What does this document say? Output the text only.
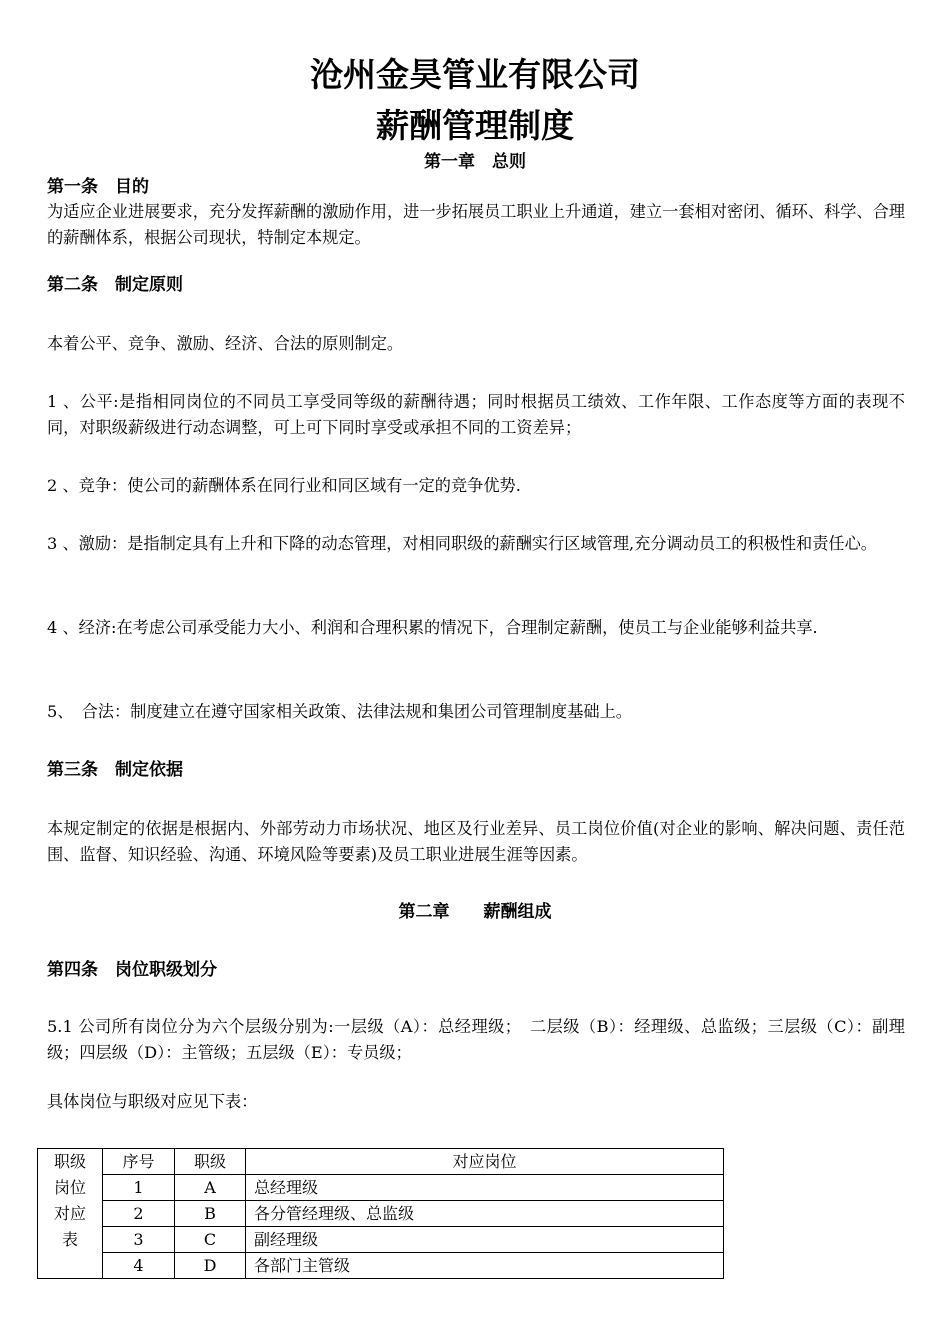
沧州金昊管业有限公司
薪酬管理制度
第一章　总则
第一条　目的
为适应企业进展要求，充分发挥薪酬的激励作用，进一步拓展员工职业上升通道，建立一套相对密闭、循环、科学、合理的薪酬体系，根据公司现状，特制定本规定。
第二条　制定原则
本着公平、竞争、激励、经济、合法的原则制定。
1 、公平:是指相同岗位的不同员工享受同等级的薪酬待遇；同时根据员工绩效、工作年限、工作态度等方面的表现不同，对职级薪级进行动态调整，可上可下同时享受或承担不同的工资差异；
2 、竞争：使公司的薪酬体系在同行业和同区域有一定的竞争优势.
3 、激励：是指制定具有上升和下降的动态管理，对相同职级的薪酬实行区域管理,充分调动员工的积极性和责任心。
4 、经济:在考虑公司承受能力大小、利润和合理积累的情况下，合理制定薪酬，使员工与企业能够利益共享.
5、　合法：制度建立在遵守国家相关政策、法律法规和集团公司管理制度基础上。
第三条　制定依据
本规定制定的依据是根据内、外部劳动力市场状况、地区及行业差异、员工岗位价值(对企业的影响、解决问题、责任范围、监督、知识经验、沟通、环境风险等要素)及员工职业进展生涯等因素。
第二章　　薪酬组成
第四条　岗位职级划分
5.1 公司所有岗位分为六个层级分别为:一层级（A）：总经理级；　二层级（B）：经理级、总监级；三层级（C）：副理级；四层级（D）：主管级；五层级（E）：专员级；
具体岗位与职级对应见下表：
职级
岗位
对应
表	序号	职级	对应岗位
	1	A	总经理级
	2	B	各分管经理级、总监级
	3	C	副经理级
	4	D	各部门主管级
